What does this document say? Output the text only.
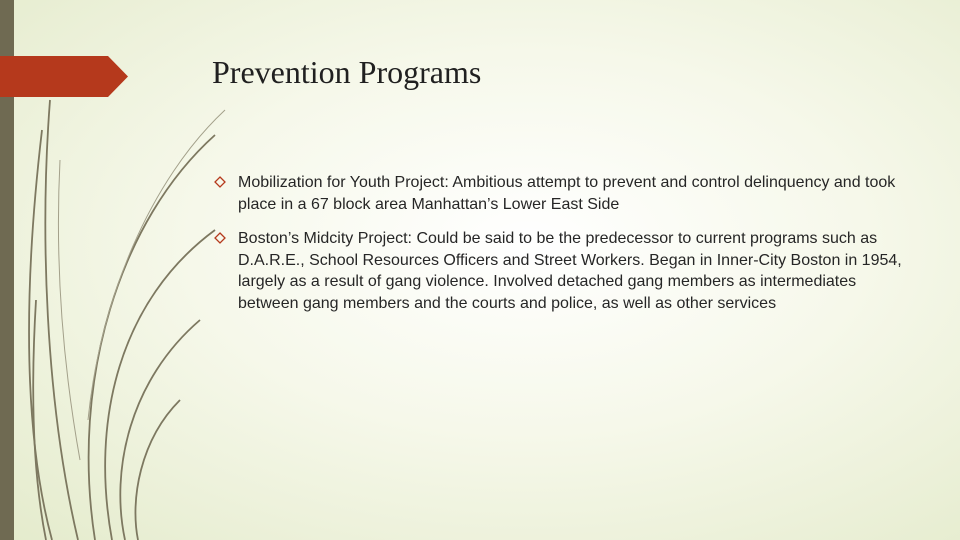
Prevention Programs
Mobilization for Youth Project: Ambitious attempt to prevent and control delinquency and took place in a 67 block area Manhattan’s Lower East Side
Boston’s Midcity Project: Could be said to be the predecessor to current programs such as D.A.R.E., School Resources Officers and Street Workers. Began in Inner-City Boston in 1954, largely as a result of gang violence. Involved detached gang members as intermediates between gang members and the courts and police, as well as other services
